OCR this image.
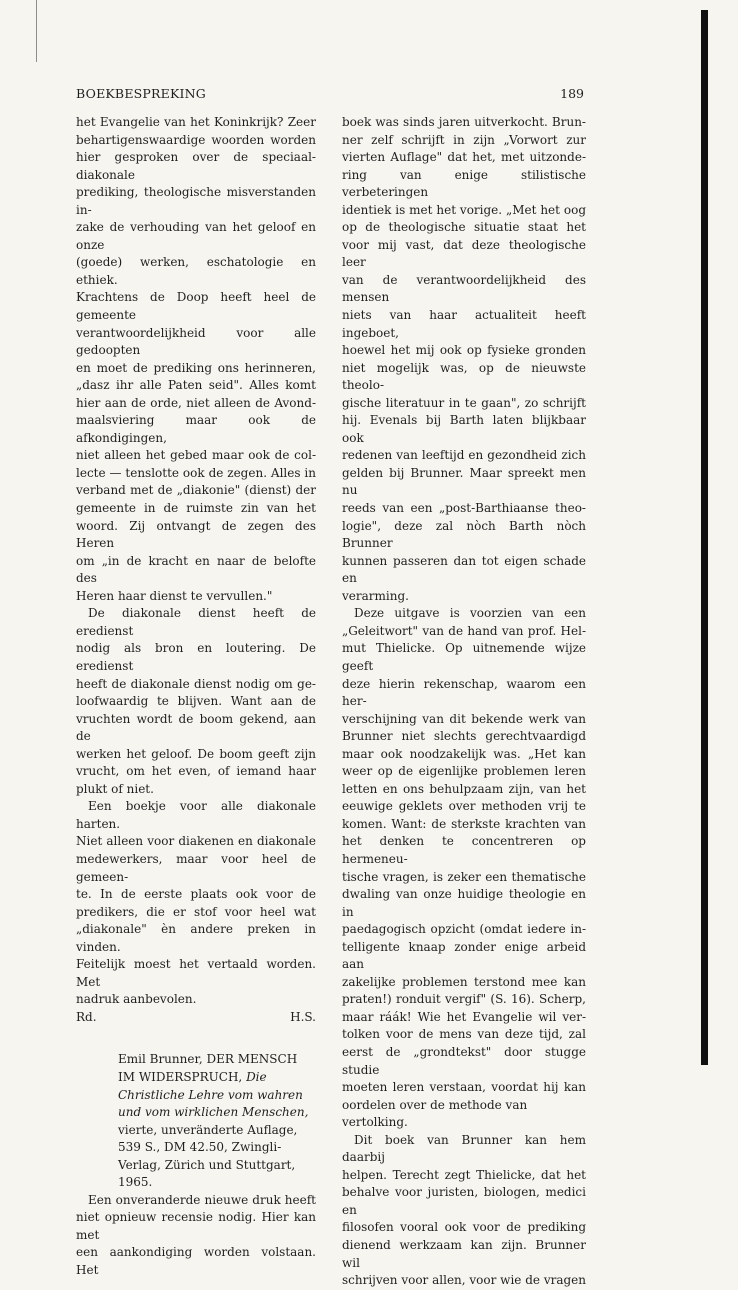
BOEKBESPREKING	189

het Evangelie van het Koninkrijk? Zeer
behartigenswaardige woorden worden
hier gesproken over de speciaal-diakonale
prediking, theologische misverstanden in-
zake de verhouding van het geloof en onze
(goede) werken, eschatologie en ethiek.
Krachtens de Doop heeft heel de gemeente
verantwoordelijkheid voor alle gedoopten
en moet de prediking ons herinneren,
„dasz ihr alle Paten seid". Alles komt
hier aan de orde, niet alleen de Avond-
maalsviering maar ook de afkondigingen,
niet alleen het gebed maar ook de col-
lecte — tenslotte ook de zegen. Alles in
verband met de „diakonie" (dienst) der
gemeente in de ruimste zin van het
woord. Zij ontvangt de zegen des Heren
om „in de kracht en naar de belofte des
Heren haar dienst te vervullen."

De diakonale dienst heeft de eredienst
nodig als bron en loutering. De eredienst
heeft de diakonale dienst nodig om ge-
loofwaardig te blijven. Want aan de
vruchten wordt de boom gekend, aan de
werken het geloof. De boom geeft zijn
vrucht, om het even, of iemand haar
plukt of niet.

Een boekje voor alle diakonale harten.
Niet alleen voor diakenen en diakonale
medewerkers, maar voor heel de gemeen-
te. In de eerste plaats ook voor de
predikers, die er stof voor heel wat
„diakonale" èn andere preken in vinden.
Feitelijk moest het vertaald worden. Met
nadruk aanbevolen.

Rd.	H.S.

Emil Brunner, DER MENSCH IM WIDERSPRUCH, Die Christliche Lehre vom wahren und vom wirklichen Menschen, vierte, unveränderte Auflage, 539 S., DM 42.50, Zwingli-Verlag, Zürich und Stuttgart, 1965.

Een onveranderde nieuwe druk heeft
niet opnieuw recensie nodig. Hier kan met
een aankondiging worden volstaan. Het

boek was sinds jaren uitverkocht. Brun-
ner zelf schrijft in zijn „Vorwort zur
vierten Auflage" dat het, met uitzonde-
ring van enige stilistische verbeteringen
identiek is met het vorige. „Met het oog
op de theologische situatie staat het
voor mij vast, dat deze theologische leer
van de verantwoordelijkheid des mensen
niets van haar actualiteit heeft ingeboet,
hoewel het mij ook op fysieke gronden
niet mogelijk was, op de nieuwste theolo-
gische literatuur in te gaan", zo schrijft
hij. Evenals bij Barth laten blijkbaar ook
redenen van leeftijd en gezondheid zich
gelden bij Brunner. Maar spreekt men nu
reeds van een „post-Barthiaanse theo-
logie", deze zal nòch Barth nòch Brunner
kunnen passeren dan tot eigen schade en
verarming.

Deze uitgave is voorzien van een
„Geleitwort" van de hand van prof. Hel-
mut Thielicke. Op uitnemende wijze geeft
deze hierin rekenschap, waarom een her-
verschijning van dit bekende werk van
Brunner niet slechts gerechtvaardigd
maar ook noodzakelijk was. „Het kan
weer op de eigenlijke problemen leren
letten en ons behulpzaam zijn, van het
eeuwige geklets over methoden vrij te
komen. Want: de sterkste krachten van
het denken te concentreren op hermeneu-
tische vragen, is zeker een thematische
dwaling van onze huidige theologie en in
paedagogisch opzicht (omdat iedere in-
telligente knaap zonder enige arbeid aan
zakelijke problemen terstond mee kan
praten!) ronduit vergif" (S. 16). Scherp,
maar ráák! Wie het Evangelie wil ver-
tolken voor de mens van deze tijd, zal
eerst de „grondtekst" door stugge studie
moeten leren verstaan, voordat hij kan
oordelen over de methode van vertolking.

Dit boek van Brunner kan hem daarbij
helpen. Terecht zegt Thielicke, dat het
behalve voor juristen, biologen, medici en
filosofen vooral ook voor de prediking
dienend werkzaam kan zijn. Brunner wil
schrijven voor allen, voor wie de vragen
